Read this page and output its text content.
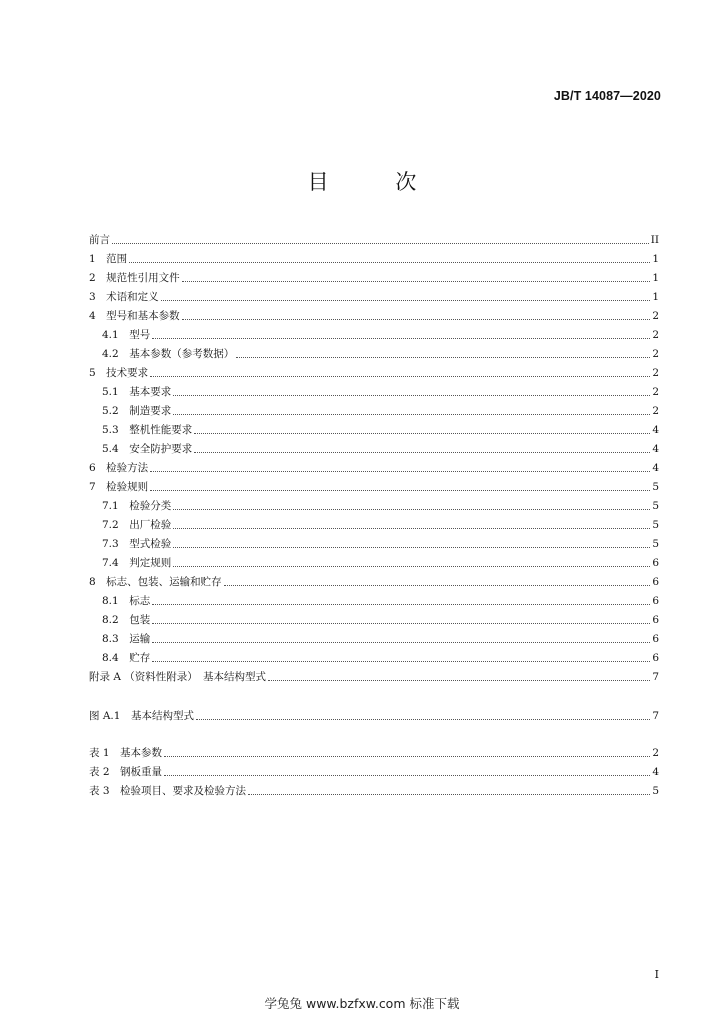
JB/T 14087—2020
目 次
前言	II
1　范围	1
2　规范性引用文件	1
3　术语和定义	1
4　型号和基本参数	2
4.1　型号	2
4.2　基本参数（参考数据）	2
5　技术要求	2
5.1　基本要求	2
5.2　制造要求	2
5.3　整机性能要求	4
5.4　安全防护要求	4
6　检验方法	4
7　检验规则	5
7.1　检验分类	5
7.2　出厂检验	5
7.3　型式检验	5
7.4　判定规则	6
8　标志、包装、运输和贮存	6
8.1　标志	6
8.2　包装	6
8.3　运输	6
8.4　贮存	6
附录 A （资料性附录）　基本结构型式	7
图 A.1　基本结构型式	7
表 1　基本参数	2
表 2　钢板重量	4
表 3　检验项目、要求及检验方法	5
I
学兔兔 www.bzfxw.com 标准下载
